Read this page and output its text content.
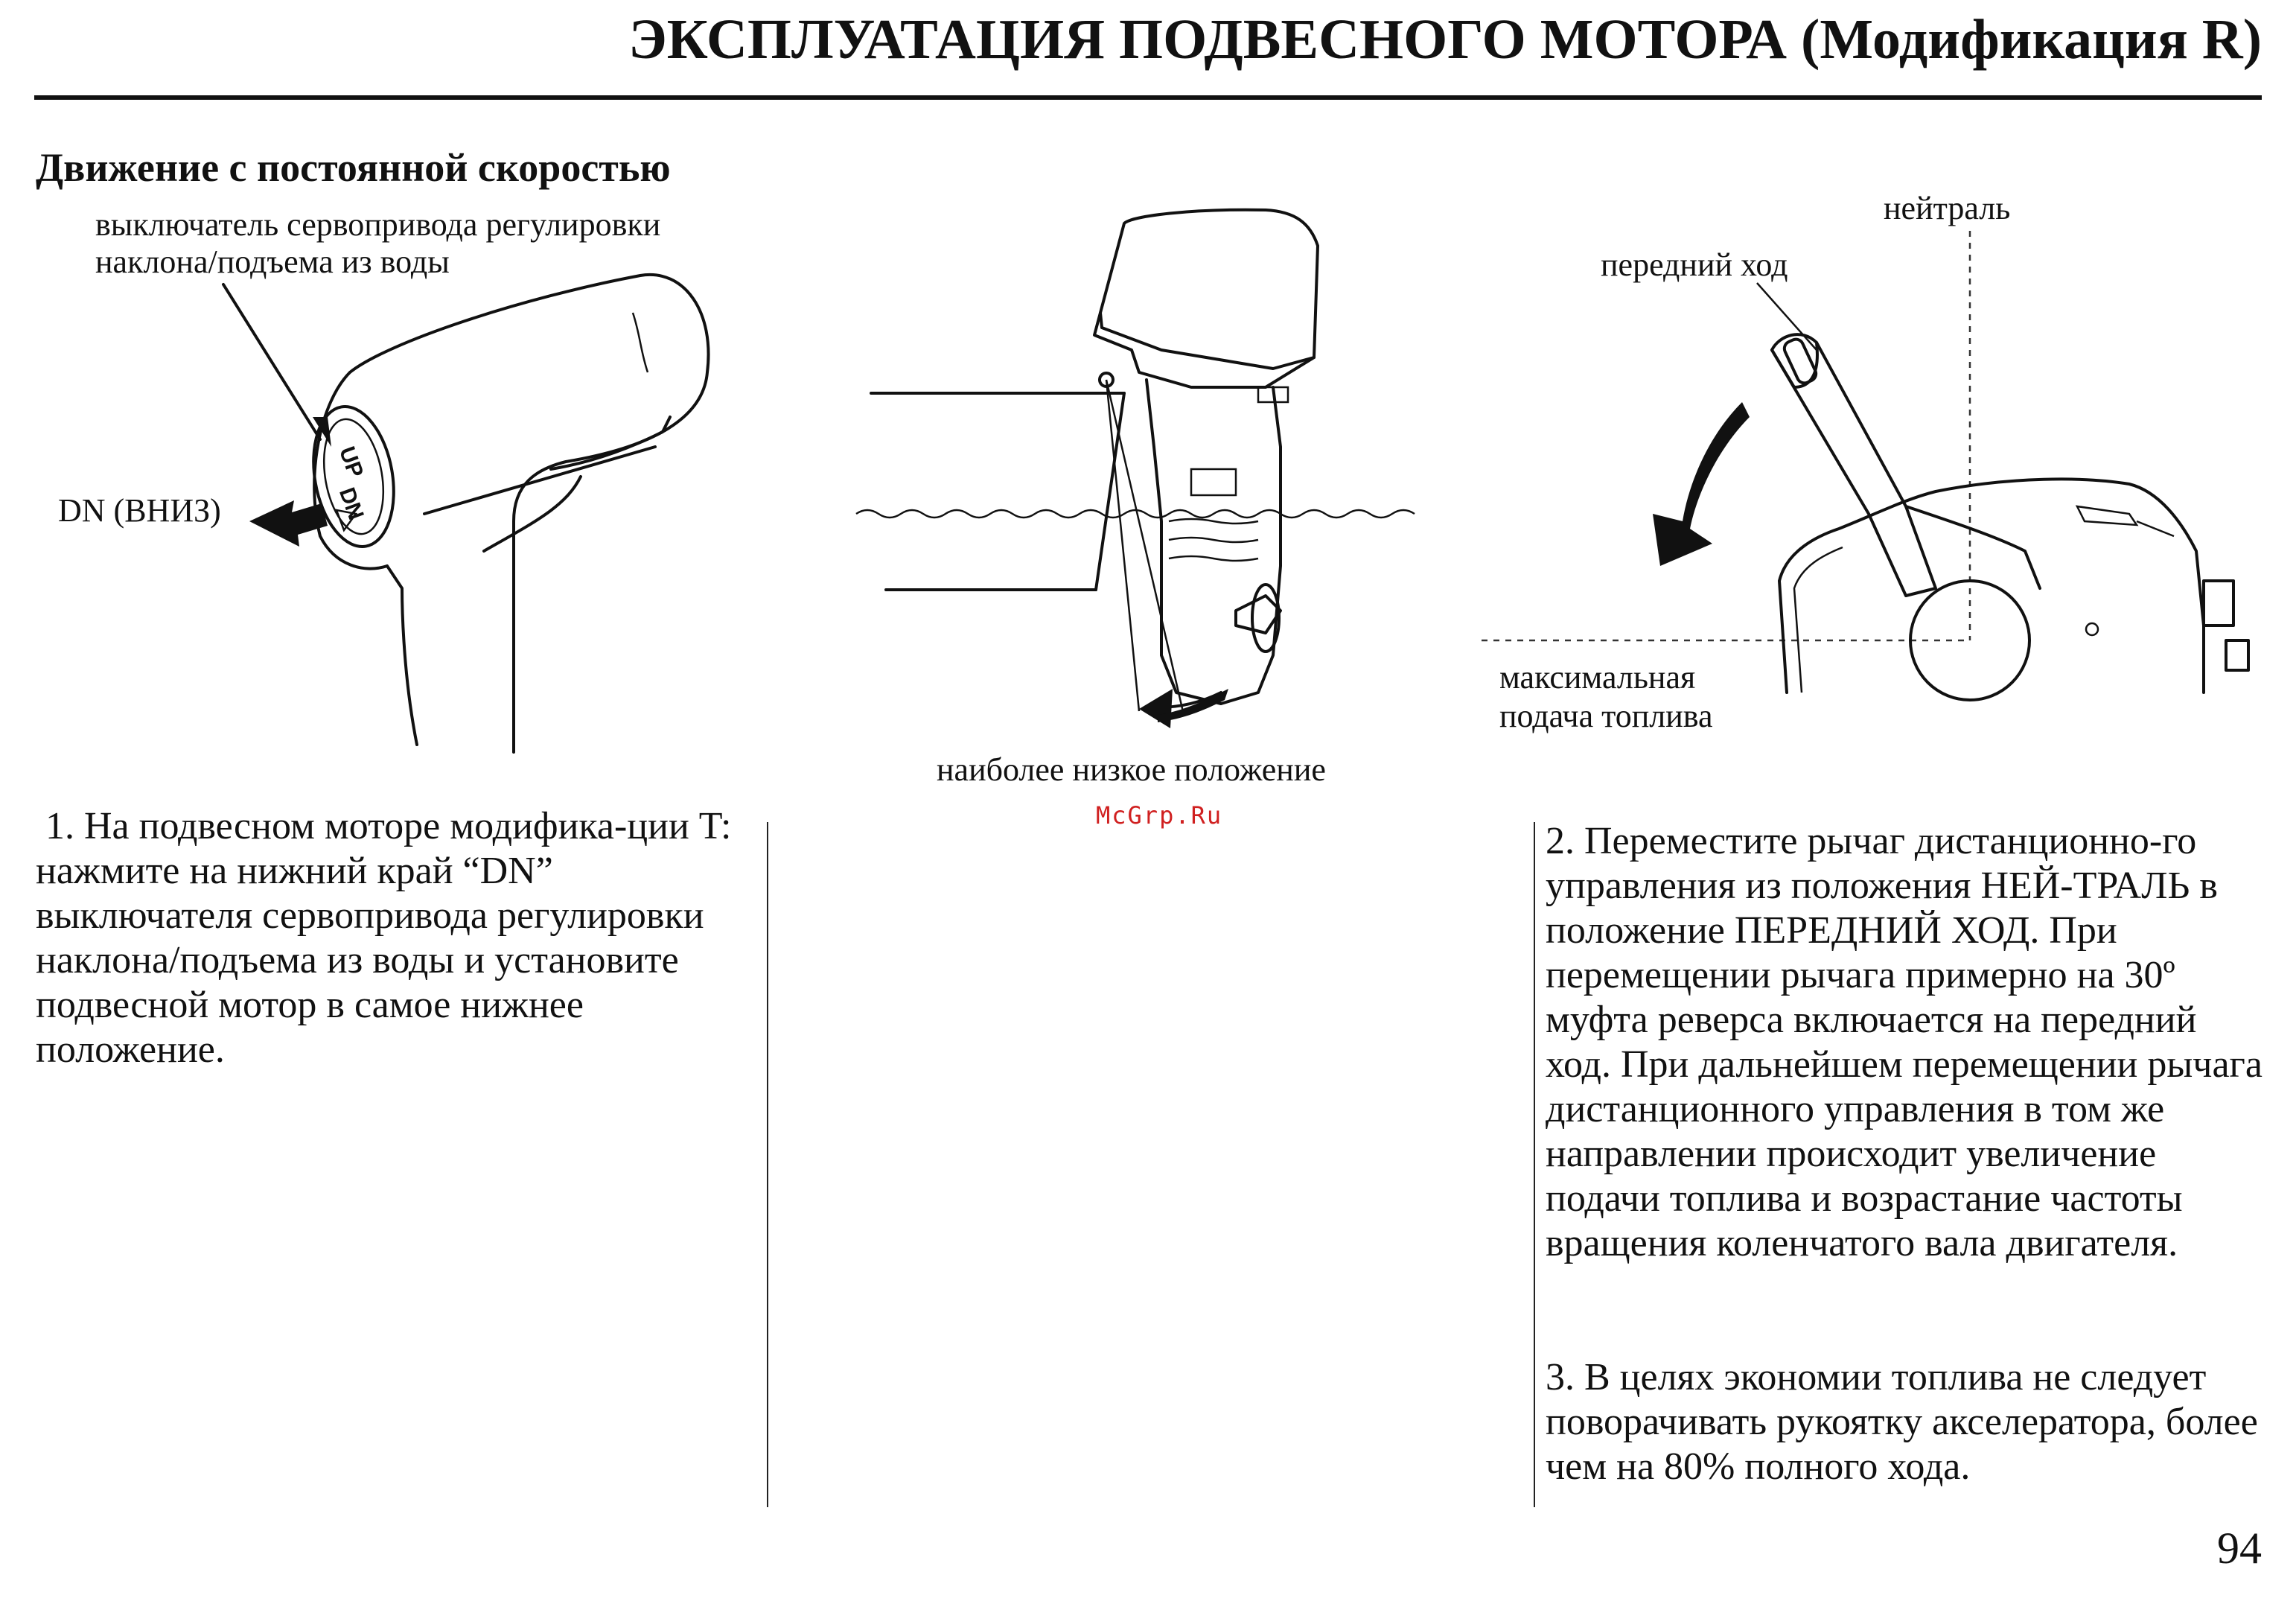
ЭКСПЛУАТАЦИЯ ПОДВЕСНОГО МОТОРА (Модификация R)
Движение с постоянной скоростью
выключатель сервопривода регулировки
наклона/подъема из воды
DN (ВНИЗ)
UP
DN
наиболее низкое положение
McGrp.Ru
нейтраль
передний ход
максимальная
подача топлива
1. На подвесном моторе модифика-ции T: нажмите на нижний край “DN” выключателя сервопривода регулировки наклона/подъема из воды и установите подвесной мотор в самое нижнее положение.
2. Переместите рычаг дистанционно-го управления из положения НЕЙ-ТРАЛЬ в положение ПЕРЕДНИЙ ХОД. При перемещении рычага примерно на 30º муфта реверса включается на передний ход. При дальнейшем перемещении рычага дистанционного управления в том же направлении происходит увеличение подачи топлива и возрастание частоты вращения коленчатого вала двигателя.
3. В целях экономии топлива не следует поворачивать рукоятку акселератора, более чем на 80% полного хода.
94
